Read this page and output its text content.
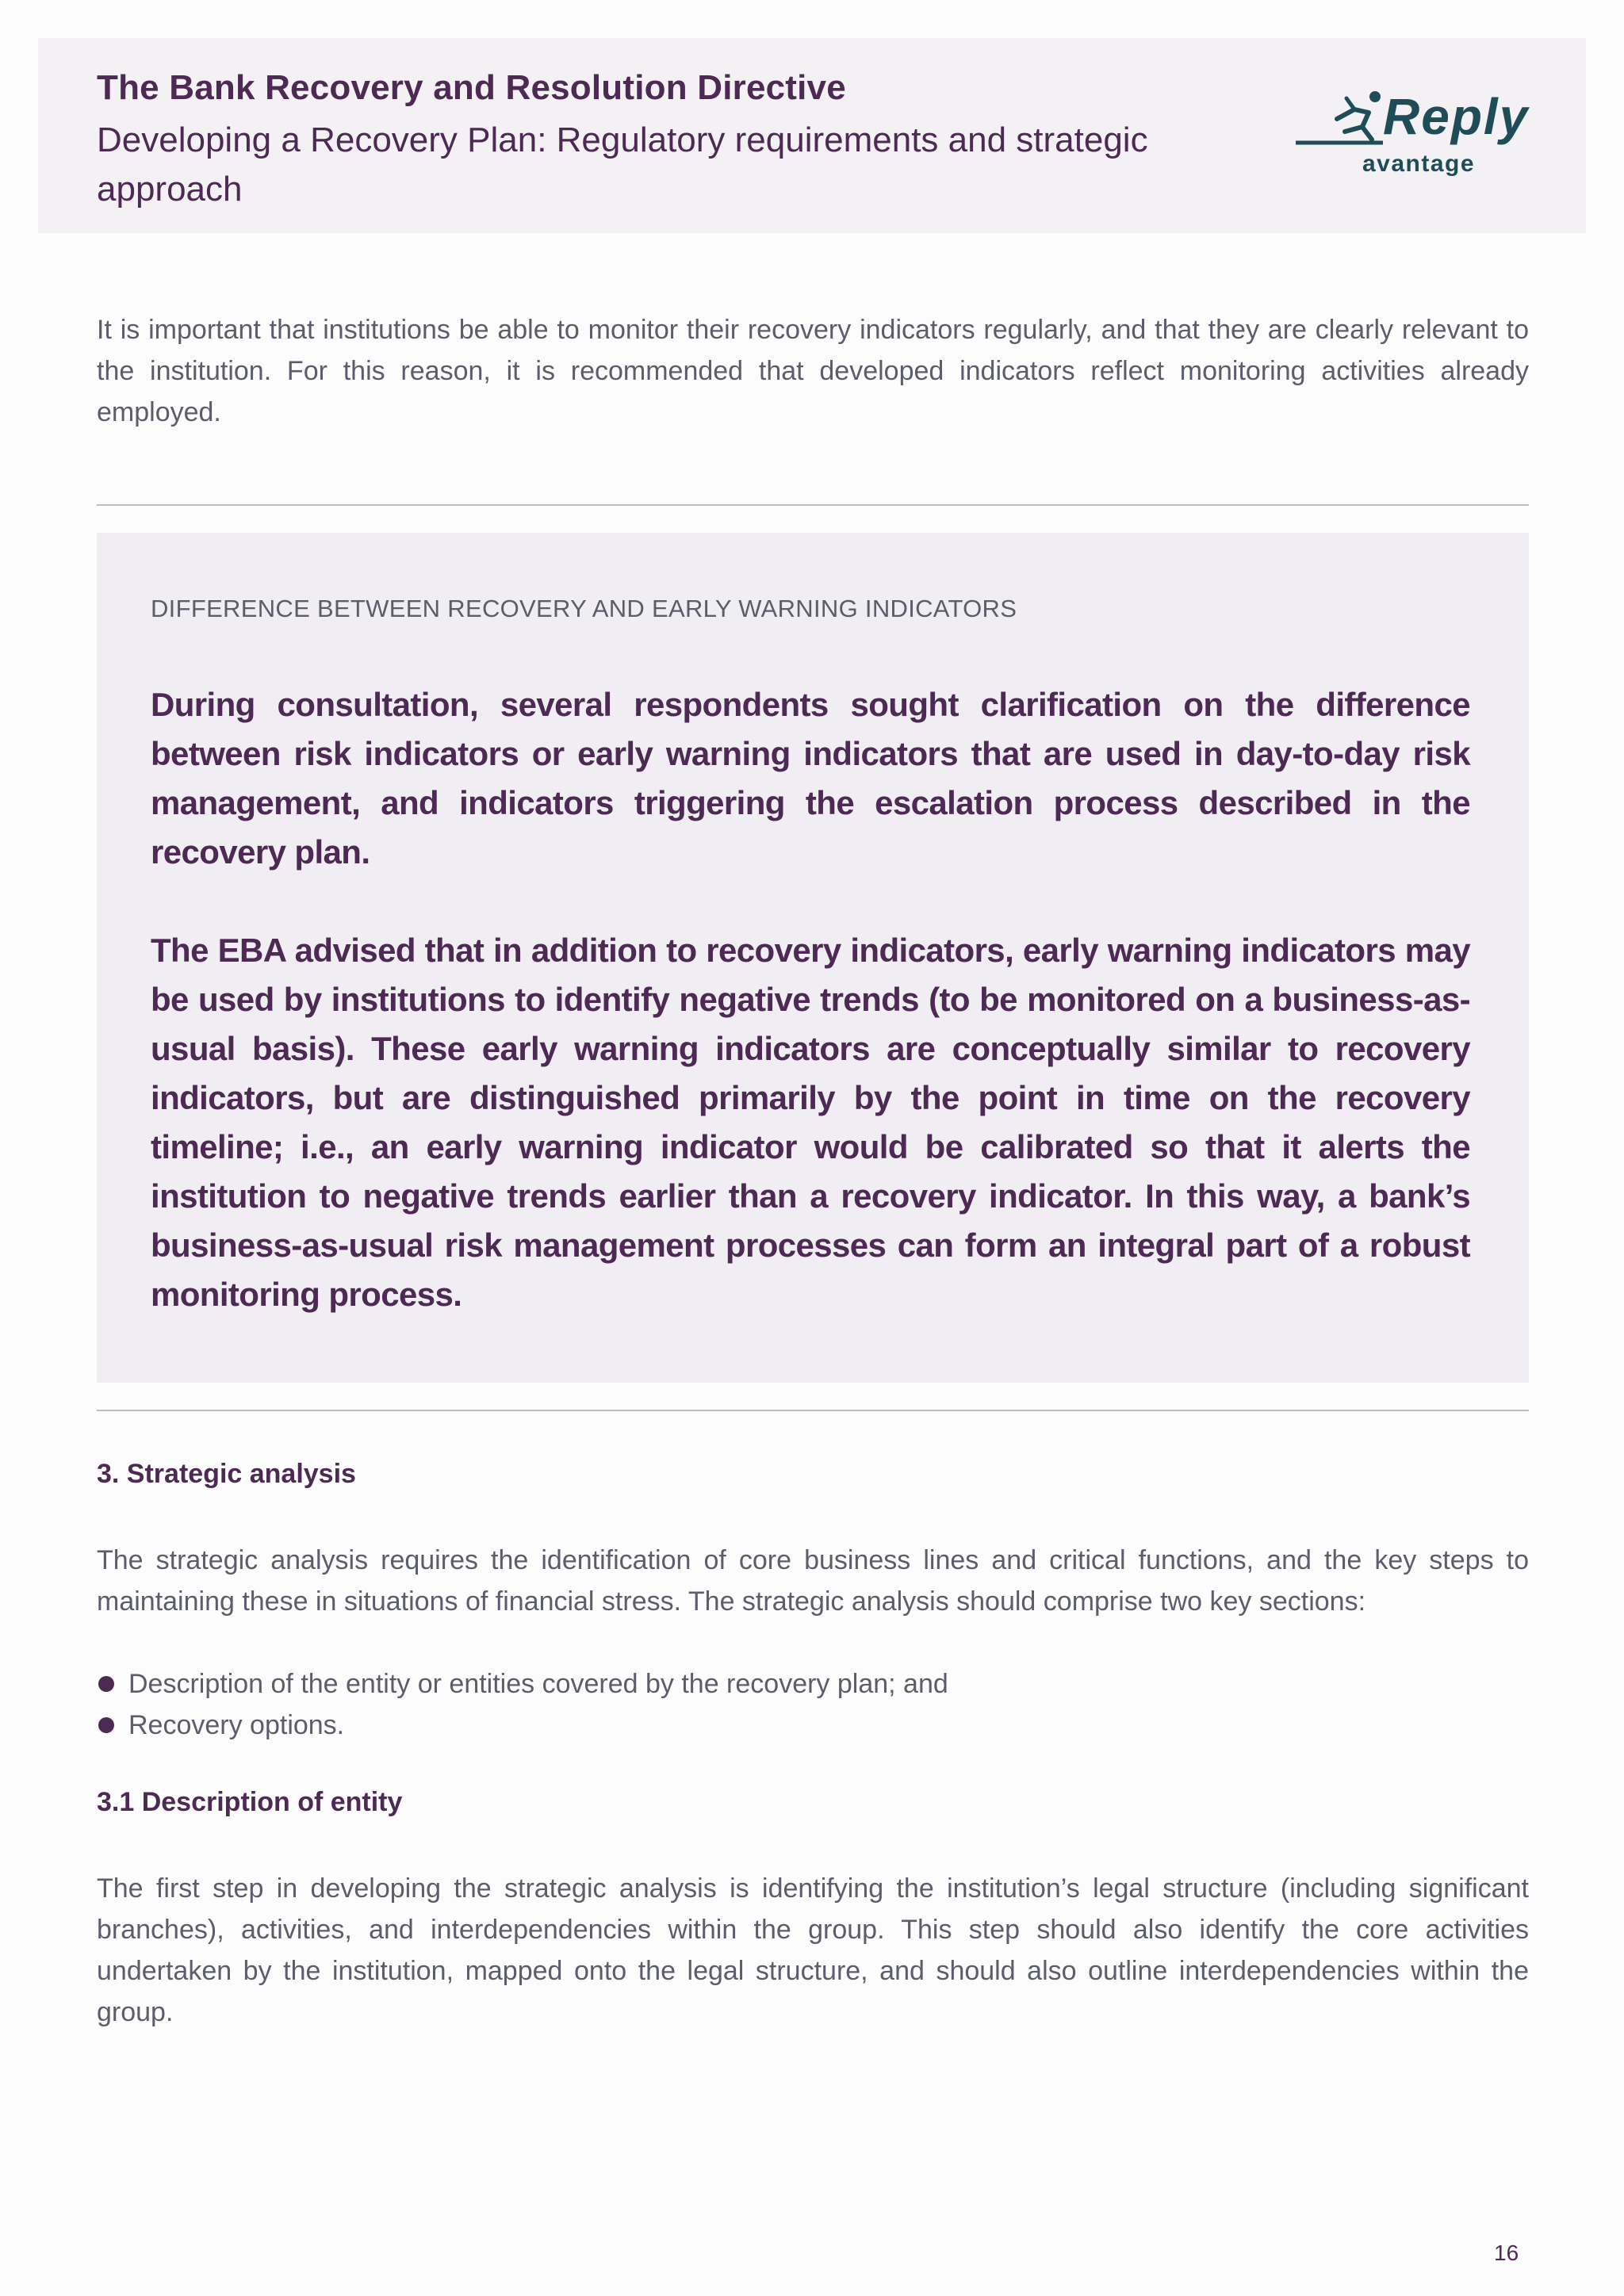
The Bank Recovery and Resolution Directive
Developing a Recovery Plan: Regulatory requirements and strategic approach
Reply
avantage

It is important that institutions be able to monitor their recovery indicators regularly, and that they are clearly relevant to the institution. For this reason, it is recommended that developed indicators reflect monitoring activities already employed.

DIFFERENCE BETWEEN RECOVERY AND EARLY WARNING INDICATORS

During consultation, several respondents sought clarification on the difference between risk indicators or early warning indicators that are used in day-to-day risk management, and indicators triggering the escalation process described in the recovery plan.

The EBA advised that in addition to recovery indicators, early warning indicators may be used by institutions to identify negative trends (to be monitored on a business-as-usual basis). These early warning indicators are conceptually similar to recovery indicators, but are distinguished primarily by the point in time on the recovery timeline; i.e., an early warning indicator would be calibrated so that it alerts the institution to negative trends earlier than a recovery indicator. In this way, a bank’s business-as-usual risk management processes can form an integral part of a robust monitoring process.

3. Strategic analysis

The strategic analysis requires the identification of core business lines and critical functions, and the key steps to maintaining these in situations of financial stress. The strategic analysis should comprise two key sections:

Description of the entity or entities covered by the recovery plan; and
Recovery options.
3.1 Description of entity

The first step in developing the strategic analysis is identifying the institution’s legal structure (including significant branches), activities, and interdependencies within the group. This step should also identify the core activities undertaken by the institution, mapped onto the legal structure, and should also outline interdependencies within the group.

16
